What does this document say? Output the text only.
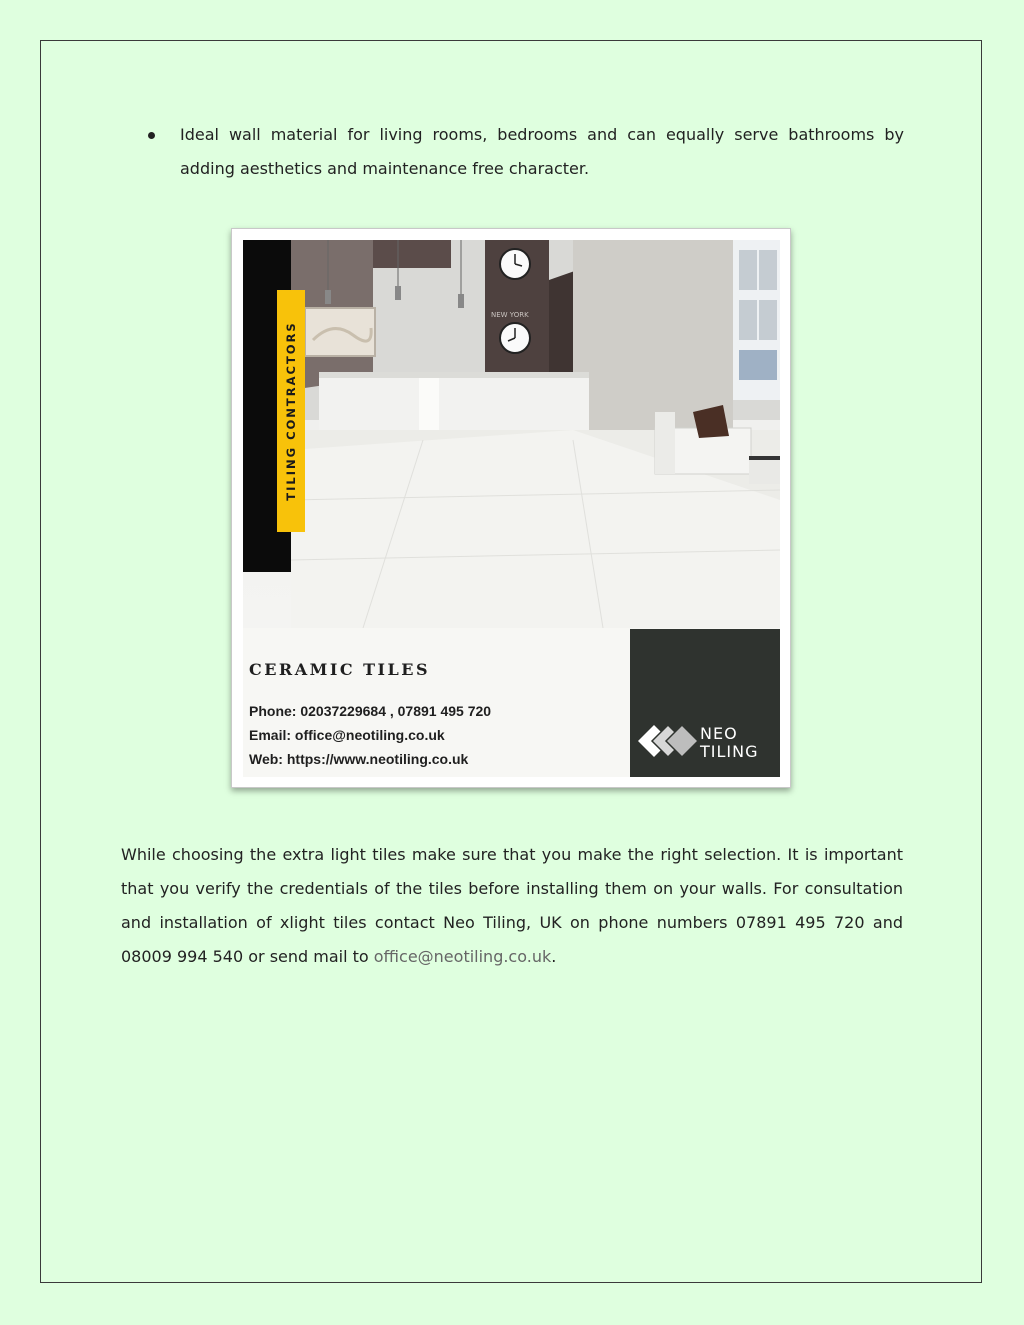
Ideal wall material for living rooms, bedrooms and can equally serve bathrooms by adding aesthetics and maintenance free character.
NEW YORK
TILING CONTRACTORS
CERAMIC TILES
Phone: 02037229684 , 07891 495 720
Email: office@neotiling.co.uk
Web: https://www.neotiling.co.uk
NEO
TILING
While choosing the extra light tiles make sure that you make the right selection. It is important that you verify the credentials of the tiles before installing them on your walls. For consultation and installation of xlight tiles contact Neo Tiling, UK on phone numbers 07891 495 720 and 08009 994 540 or send mail to office@neotiling.co.uk.
